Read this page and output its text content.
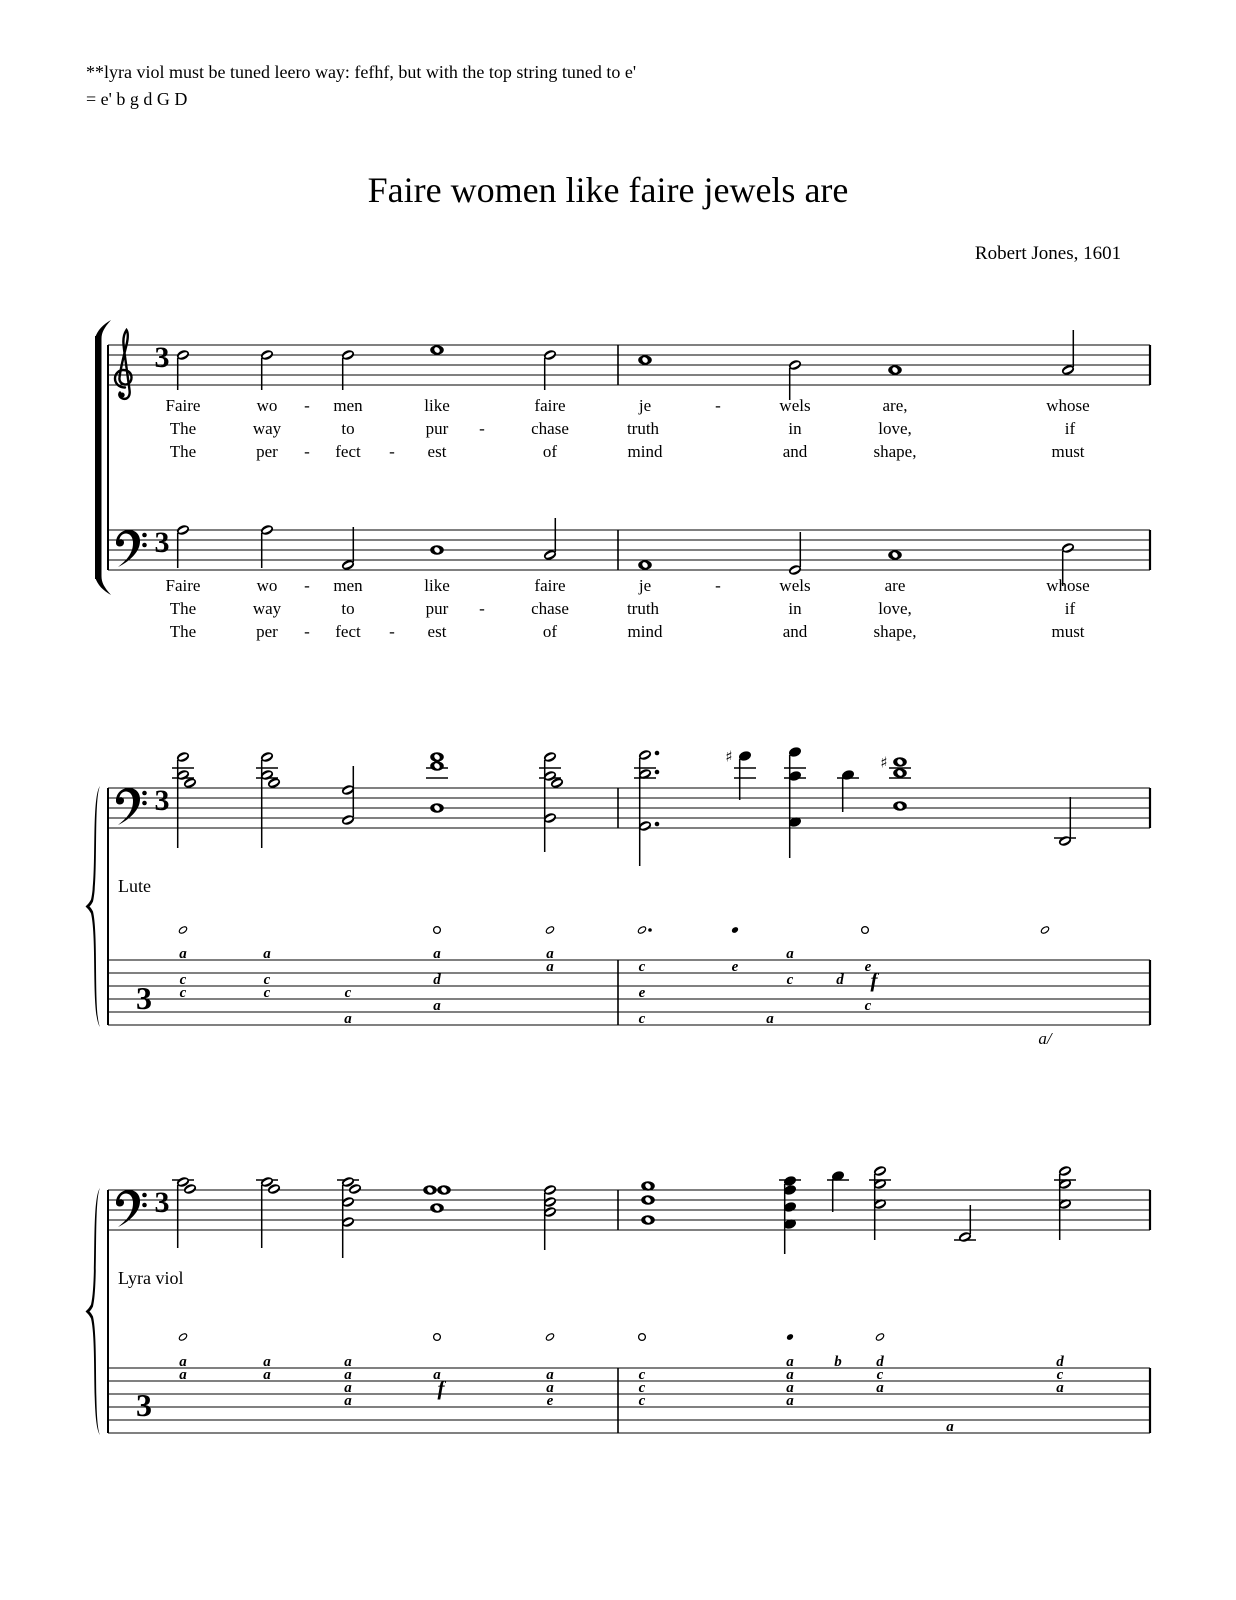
**lyra viol must be tuned leero way: fefhf, but with the top string tuned to e'
= e' b g d G D
Faire women like faire jewels are
Robert Jones, 1601
3
3
3
3
3
3
♯	♯
Lute
Lyra viol
Faire	wo - men	like	faire	je	-	wels	are,	whose
The	way	to	pur -	chase	truth	in	love,	if
The	per - fect - est	of	mind	and	shape,	must
Faire	wo - men	like	faire	je	-	wels	are	whose
The	way	to	pur -	chase	truth	in	love,	if
The	per - fect - est	of	mind	and	shape,	must
a
c
c
a
c
c	c
a
a
d
a
a
a	c
e
c
e
a
a
c	d
e
f
c
a
a
a
a
a
a
a
a
a
f
a
a
e
c
c
c
a
a
a
a
b d
c
a
a
d
c
a
a/
